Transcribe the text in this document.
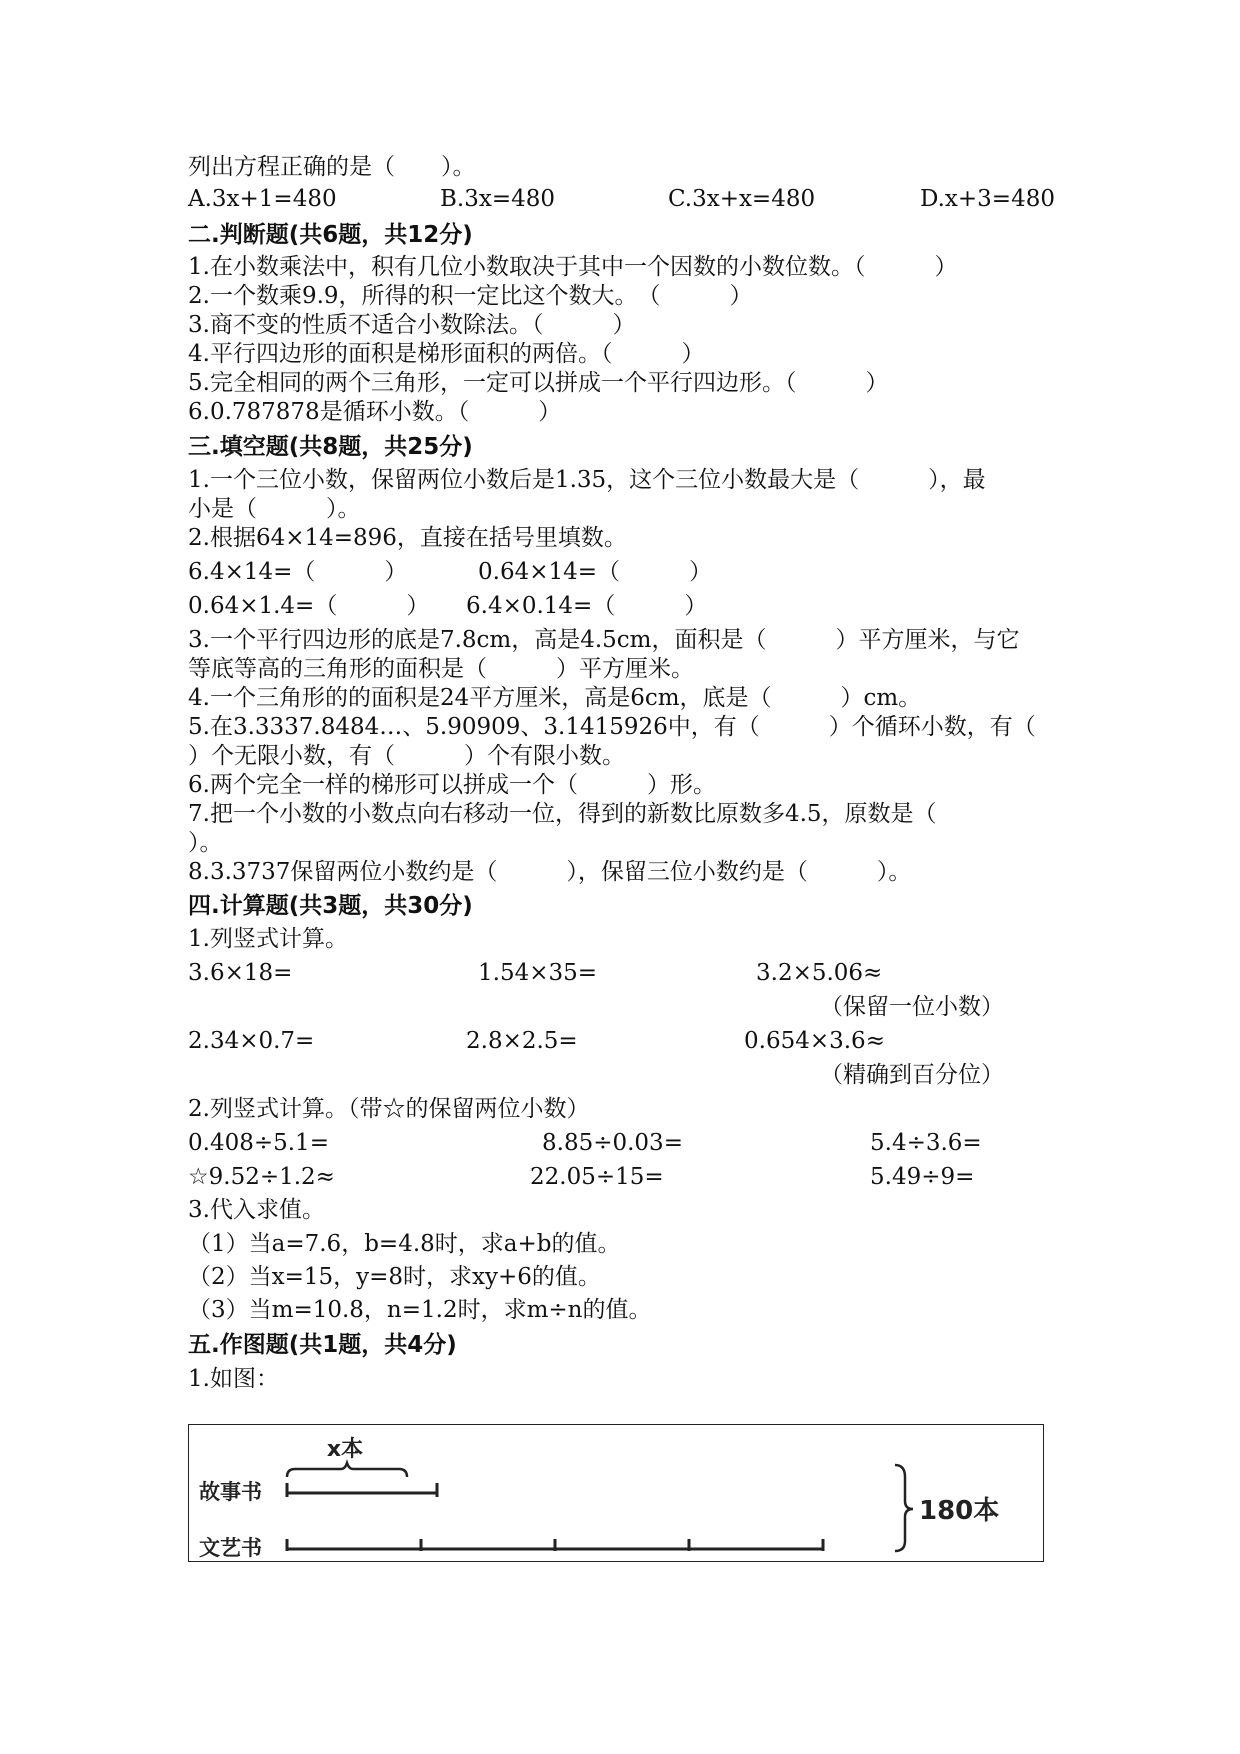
列出方程正确的是（　　）。
A.3x+1=480	B.3x=480	C.3x+x=480	D.x+3=480
二.判断题(共6题，共12分)
1.在小数乘法中，积有几位小数取决于其中一个因数的小数位数。（　　　）
2.一个数乘9.9，所得的积一定比这个数大。　（　　　）
3.商不变的性质不适合小数除法。（　　　）
4.平行四边形的面积是梯形面积的两倍。（　　　）
5.完全相同的两个三角形，一定可以拼成一个平行四边形。（　　　）
6.0.787878是循环小数。（　　　）
三.填空题(共8题，共25分)
1.一个三位小数，保留两位小数后是1.35，这个三位小数最大是（　　　），最
小是（　　　）。
2.根据64×14=896，直接在括号里填数。
6.4×14=（　　　）	0.64×14=（　　　）
0.64×1.4=（　　　） 6.4×0.14=（　　　）
3.一个平行四边形的底是7.8cm，高是4.5cm，面积是（　　　）平方厘米，与它
等底等高的三角形的面积是（　　　）平方厘米。
4.一个三角形的的面积是24平方厘米，高是6cm，底是（　　　）cm。
5.在3.3337.8484…、5.90909、3.1415926中，有（　　　）个循环小数，有（
）个无限小数，有（　　　）个有限小数。
6.两个完全一样的梯形可以拼成一个（　　　）形。
7.把一个小数的小数点向右移动一位，得到的新数比原数多4.5，原数是（
）。
8.3.3737保留两位小数约是（　　　），保留三位小数约是（　　　）。
四.计算题(共3题，共30分)
1.列竖式计算。
3.6×18=	1.54×35=	3.2×5.06≈
（保留一位小数）
2.34×0.7=	2.8×2.5=	0.654×3.6≈
（精确到百分位）
2.列竖式计算。（带☆的保留两位小数）
0.408÷5.1=	8.85÷0.03=	5.4÷3.6=
☆9.52÷1.2≈	22.05÷15=	5.49÷9=
3.代入求值。
（1）当a=7.6，b=4.8时，求a+b的值。
（2）当x=15，y=8时，求xy+6的值。
（3）当m=10.8，n=1.2时，求m÷n的值。
五.作图题(共1题，共4分)
1.如图：
x本
故事书
文艺书
180本
